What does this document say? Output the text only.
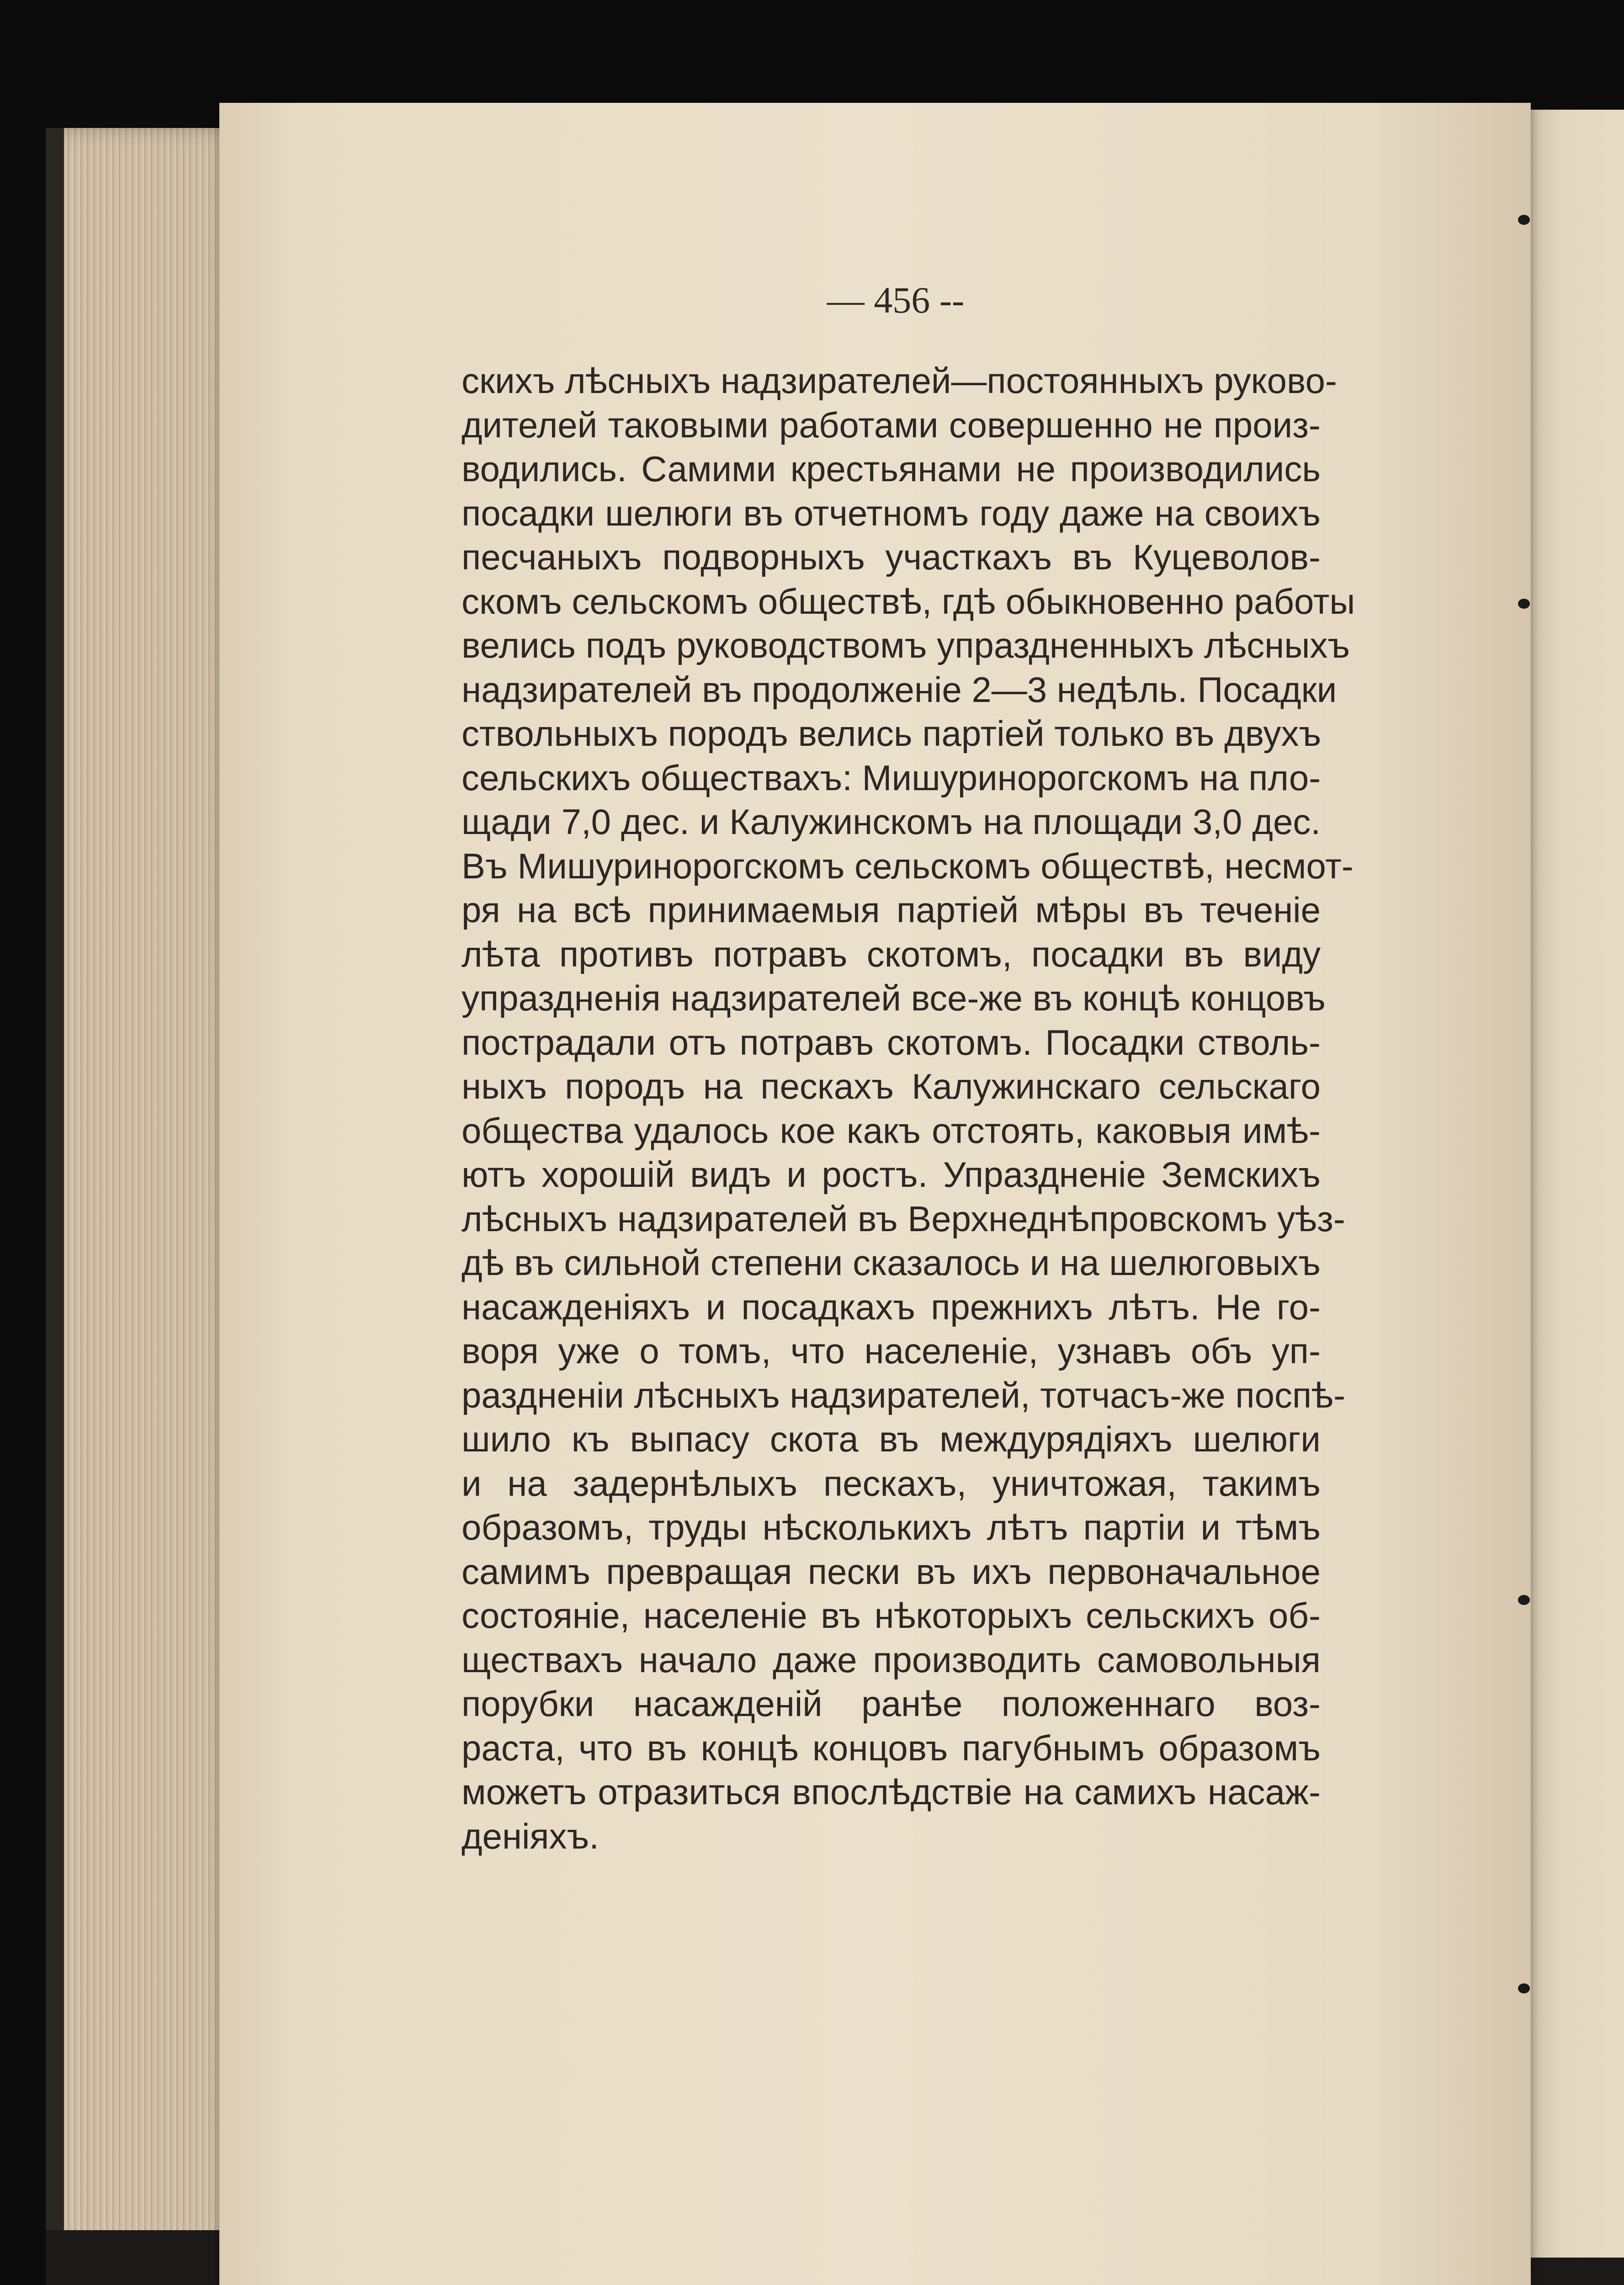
— 456 --
скихъ лѣсныхъ надзирателей—постоянныхъ руково-
дителей таковыми работами совершенно не произ-
водились. Самими крестьянами не производились
посадки шелюги въ отчетномъ году даже на своихъ
песчаныхъ подворныхъ участкахъ въ Куцеволов-
скомъ сельскомъ обществѣ, гдѣ обыкновенно работы
велись подъ руководствомъ упраздненныхъ лѣсныхъ
надзирателей въ продолженіе 2—3 недѣль. Посадки
ствольныхъ породъ велись партіей только въ двухъ
сельскихъ обществахъ: Мишуринорогскомъ на пло-
щади 7,0 дес. и Калужинскомъ на площади 3,0 дес.
Въ Мишуринорогскомъ сельскомъ обществѣ, несмот-
ря на всѣ принимаемыя партіей мѣры въ теченіе
лѣта противъ потравъ скотомъ, посадки въ виду
упраздненія надзирателей все-же въ концѣ концовъ
пострадали отъ потравъ скотомъ. Посадки стволь-
ныхъ породъ на пескахъ Калужинскаго сельскаго
общества удалось кое какъ отстоять, каковыя имѣ-
ютъ хорошій видъ и ростъ. Упраздненіе Земскихъ
лѣсныхъ надзирателей въ Верхнеднѣпровскомъ уѣз-
дѣ въ сильной степени сказалось и на шелюговыхъ
насажденіяхъ и посадкахъ прежнихъ лѣтъ. Не го-
воря уже о томъ, что населеніе, узнавъ объ уп-
раздненіи лѣсныхъ надзирателей, тотчасъ-же поспѣ-
шило къ выпасу скота въ междурядіяхъ шелюги
и на задернѣлыхъ пескахъ, уничтожая, такимъ
образомъ, труды нѣсколькихъ лѣтъ партіи и тѣмъ
самимъ превращая пески въ ихъ первоначальное
состояніе, населеніе въ нѣкоторыхъ сельскихъ об-
ществахъ начало даже производить самовольныя
порубки насажденій ранѣе положеннаго воз-
раста, что въ концѣ концовъ пагубнымъ образомъ
можетъ отразиться впослѣдствіе на самихъ насаж-
деніяхъ.
